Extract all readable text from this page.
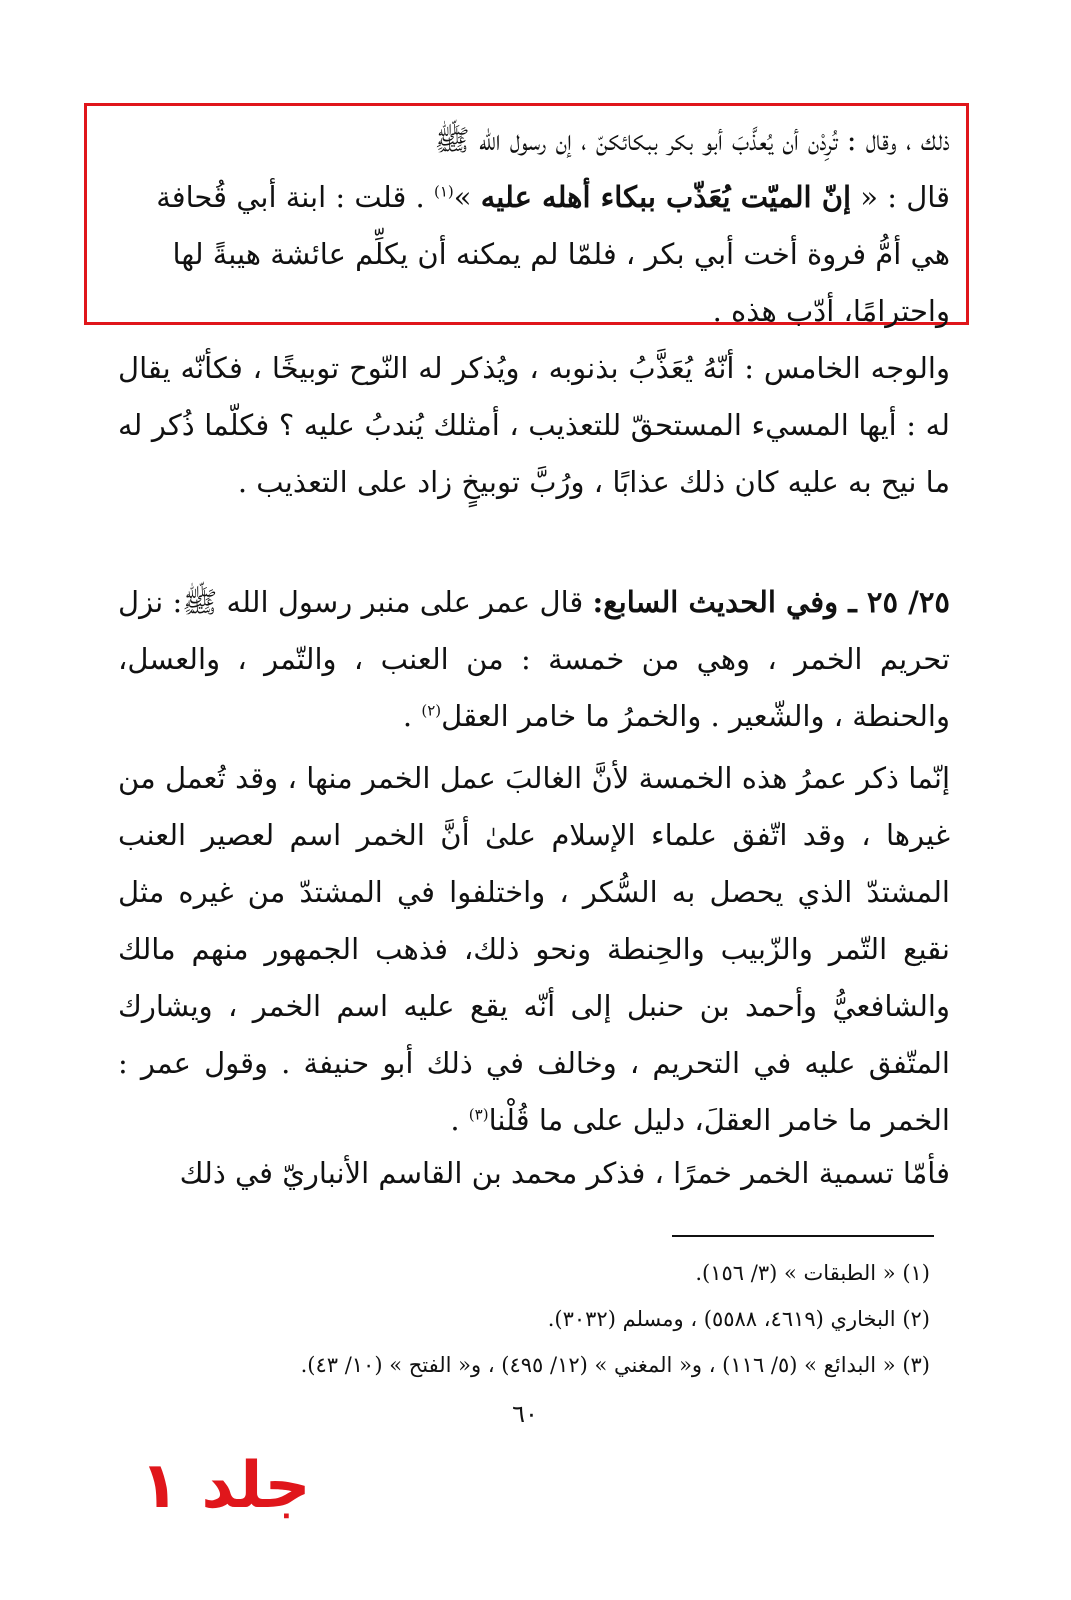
ذلك ، وقال : تُرِدْن أن يُعذَّبَ أبو بكر ببكائكنّ ، إن رسول الله ﷺ
قال : « إنّ الميّت يُعَذّب ببكاء أهله عليه »$^{(١)}$ . قلت : ابنة أبي قُحافة
هي أمُّ فروة أخت أبي بكر ، فلمّا لم يمكنه أن يكلِّم عائشة هيبةً لها
واحترامًا، أدّب هذه .

والوجه الخامس : أنّهُ يُعَذَّبُ بذنوبه ، ويُذكر له النّوح توبيخًا ، فكأنّه يقال له : أيها المسيء المستحقّ للتعذيب ، أمثلك يُندبُ عليه ؟ فكلّما ذُكر له ما نيح به عليه كان ذلك عذابًا ، ورُبَّ توبيخٍ زاد على التعذيب .

٢٥/ ٢٥ ـ وفي الحديث السابع: قال عمر على منبر رسول الله ﷺ: نزل تحريم الخمر ، وهي من خمسة : من العنب ، والتّمر ، والعسل، والحنطة ، والشّعير . والخمرُ ما خامر العقل$^{(٢)}$ .

إنّما ذكر عمرُ هذه الخمسة لأنَّ الغالبَ عمل الخمر منها ، وقد تُعمل من غيرها ، وقد اتّفق علماء الإسلام علىٰ أنَّ الخمر اسم لعصير العنب المشتدّ الذي يحصل به السُّكر ، واختلفوا في المشتدّ من غيره مثل نقيع التّمر والزّبيب والحِنطة ونحو ذلك، فذهب الجمهور منهم مالك والشافعيُّ وأحمد بن حنبل إلى أنّه يقع عليه اسم الخمر ، ويشارك المتّفق عليه في التحريم ، وخالف في ذلك أبو حنيفة . وقول عمر : الخمر ما خامر العقلَ، دليل على ما قُلْنا$^{(٣)}$ .

فأمّا تسمية الخمر خمرًا ، فذكر محمد بن القاسم الأنباريّ في ذلك

(١) « الطبقات » (٣/ ١٥٦).

(٢) البخاري (٤٦١٩، ٥٥٨٨) ، ومسلم (٣٠٣٢).

(٣) « البدائع » (٥/ ١١٦) ، و« المغني » (١٢/ ٤٩٥) ، و« الفتح » (١٠/ ٤٣).

٦٠
جلد ١
